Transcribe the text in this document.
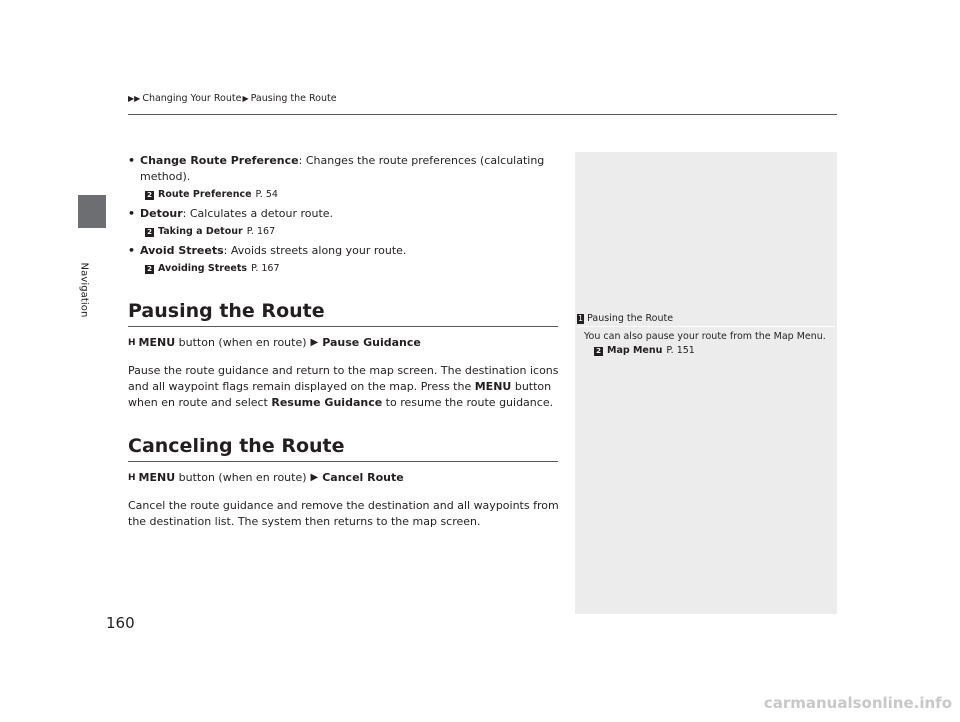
▶▶ Changing Your Route ▶ Pausing the Route
Navigation
• Change Route Preference: Changes the route preferences (calculating method).
2 Route Preference P. 54
• Detour: Calculates a detour route.
2 Taking a Detour P. 167
• Avoid Streets: Avoids streets along your route.
2 Avoiding Streets P. 167
Pausing the Route
H MENU
button (when en route) ▶ Pause Guidance
Pause the route guidance and return to the map screen. The destination icons and all waypoint flags remain displayed on the map. Press the MENU button when en route and select Resume Guidance to resume the route guidance.
Canceling the Route
H MENU
button (when en route) ▶ Cancel Route
Cancel the route guidance and remove the destination and all waypoints from the destination list. The system then returns to the map screen.
1 Pausing the Route
You can also pause your route from the Map Menu.
2 Map Menu P. 151
160
carmanualsonline.info
